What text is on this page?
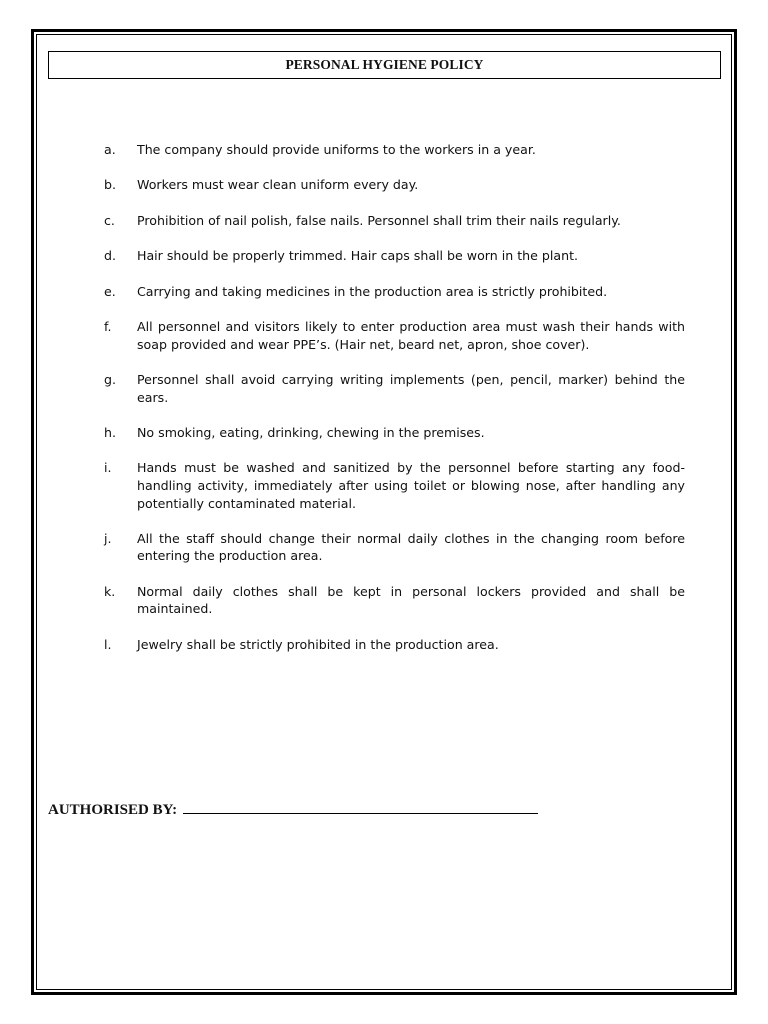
PERSONAL HYGIENE POLICY
a.	The company should provide uniforms to the workers in a year.
b.	Workers must wear clean uniform every day.
c.	Prohibition of nail polish, false nails. Personnel shall trim their nails regularly.
d.	Hair should be properly trimmed. Hair caps shall be worn in the plant.
e.	Carrying and taking medicines in the production area is strictly prohibited.
f.	All personnel and visitors likely to enter production area must wash their hands with soap provided and wear PPE’s. (Hair net, beard net, apron, shoe cover).
g.	Personnel shall avoid carrying writing implements (pen, pencil, marker) behind the ears.
h.	No smoking, eating, drinking, chewing in the premises.
i.	Hands must be washed and sanitized by the personnel before starting any food-handling activity, immediately after using toilet or blowing nose, after handling any potentially contaminated material.
j.	All the staff should change their normal daily clothes in the changing room before entering the production area.
k.	Normal daily clothes shall be kept in personal lockers provided and shall be maintained.
l.	Jewelry shall be strictly prohibited in the production area.
AUTHORISED BY:
